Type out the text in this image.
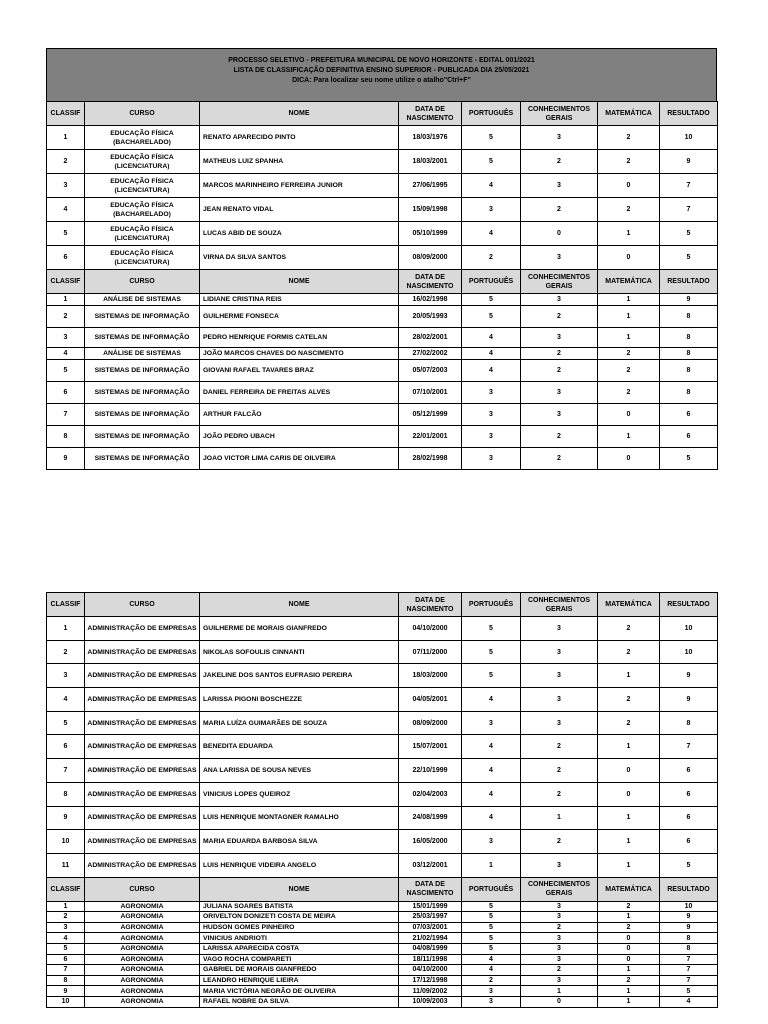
PROCESSO SELETIVO - PREFEITURA MUNICIPAL DE NOVO HORIZONTE - EDITAL 001/2021
LISTA DE CLASSIFICAÇÃO DEFINITIVA ENSINO SUPERIOR - PUBLICADA DIA 25/05/2021
DICA: Para localizar seu nome utilize o atalho"Ctrl+F"
CLASSIF	CURSO	NOME	DATA DE NASCIMENTO	PORTUGUÊS	CONHECIMENTOS GERAIS	MATEMÁTICA	RESULTADO
1	EDUCAÇÃO FÍSICA (BACHARELADO)	RENATO APARECIDO PINTO	18/03/1976	5	3	2	10
2	EDUCAÇÃO FÍSICA (LICENCIATURA)	MATHEUS LUIZ SPANHA	18/03/2001	5	2	2	9
3	EDUCAÇÃO FÍSICA (LICENCIATURA)	MARCOS MARINHEIRO FERREIRA JUNIOR	27/06/1995	4	3	0	7
4	EDUCAÇÃO FÍSICA (BACHARELADO)	JEAN RENATO VIDAL	15/09/1998	3	2	2	7
5	EDUCAÇÃO FÍSICA (LICENCIATURA)	LUCAS ABID DE SOUZA	05/10/1999	4	0	1	5
6	EDUCAÇÃO FÍSICA (LICENCIATURA)	VIRNA DA SILVA SANTOS	08/09/2000	2	3	0	5
CLASSIF	CURSO	NOME	DATA DE NASCIMENTO	PORTUGUÊS	CONHECIMENTOS GERAIS	MATEMÁTICA	RESULTADO
1	ANÁLISE DE SISTEMAS	LIDIANE CRISTINA REIS	16/02/1998	5	3	1	9
2	SISTEMAS DE INFORMAÇÃO	GUILHERME FONSECA	20/05/1993	5	2	1	8
3	SISTEMAS DE INFORMAÇÃO	PEDRO HENRIQUE FORMIS CATELAN	28/02/2001	4	3	1	8
4	ANÁLISE DE SISTEMAS	JOÃO MARCOS CHAVES DO NASCIMENTO	27/02/2002	4	2	2	8
5	SISTEMAS DE INFORMAÇÃO	GIOVANI RAFAEL TAVARES BRAZ	05/07/2003	4	2	2	8
6	SISTEMAS DE INFORMAÇÃO	DANIEL FERREIRA DE FREITAS ALVES	07/10/2001	3	3	2	8
7	SISTEMAS DE INFORMAÇÃO	ARTHUR FALCÃO	05/12/1999	3	3	0	6
8	SISTEMAS DE INFORMAÇÃO	JOÃO PEDRO UBACH	22/01/2001	3	2	1	6
9	SISTEMAS DE INFORMAÇÃO	JOAO VICTOR LIMA CARIS DE OILVEIRA	28/02/1998	3	2	0	5
CLASSIF	CURSO	NOME	DATA DE NASCIMENTO	PORTUGUÊS	CONHECIMENTOS GERAIS	MATEMÁTICA	RESULTADO
1	ADMINISTRAÇÃO DE EMPRESAS	GUILHERME DE MORAIS GIANFREDO	04/10/2000	5	3	2	10
2	ADMINISTRAÇÃO DE EMPRESAS	NIKOLAS SOFOULIS CINNANTI	07/11/2000	5	3	2	10
3	ADMINISTRAÇÃO DE EMPRESAS	JAKELINE DOS SANTOS EUFRASIO PEREIRA	18/03/2000	5	3	1	9
4	ADMINISTRAÇÃO DE EMPRESAS	LARISSA PIGONI BOSCHEZZE	04/05/2001	4	3	2	9
5	ADMINISTRAÇÃO DE EMPRESAS	MARIA LUÍZA GUIMARÃES DE SOUZA	08/09/2000	3	3	2	8
6	ADMINISTRAÇÃO DE EMPRESAS	BENEDITA EDUARDA	15/07/2001	4	2	1	7
7	ADMINISTRAÇÃO DE EMPRESAS	ANA LARISSA DE SOUSA NEVES	22/10/1999	4	2	0	6
8	ADMINISTRAÇÃO DE EMPRESAS	VINICIUS LOPES QUEIROZ	02/04/2003	4	2	0	6
9	ADMINISTRAÇÃO DE EMPRESAS	LUIS HENRIQUE MONTAGNER RAMALHO	24/08/1999	4	1	1	6
10	ADMINISTRAÇÃO DE EMPRESAS	MARIA EDUARDA BARBOSA SILVA	16/05/2000	3	2	1	6
11	ADMINISTRAÇÃO DE EMPRESAS	LUIS HENRIQUE VIDEIRA ANGELO	03/12/2001	1	3	1	5
CLASSIF	CURSO	NOME	DATA DE NASCIMENTO	PORTUGUÊS	CONHECIMENTOS GERAIS	MATEMÁTICA	RESULTADO
1	AGRONOMIA	JULIANA SOARES BATISTA	15/01/1999	5	3	2	10
2	AGRONOMIA	ORIVELTON DONIZETI COSTA DE MEIRA	25/03/1997	5	3	1	9
3	AGRONOMIA	HUDSON GOMES PINHEIRO	07/03/2001	5	2	2	9
4	AGRONOMIA	VINICIUS ANDRIOTI	21/02/1994	5	3	0	8
5	AGRONOMIA	LARISSA APARECIDA COSTA	04/08/1999	5	3	0	8
6	AGRONOMIA	VAGO ROCHA COMPARETI	18/11/1998	4	3	0	7
7	AGRONOMIA	GABRIEL DE MORAIS GIANFREDO	04/10/2000	4	2	1	7
8	AGRONOMIA	LEANDRO HENRIQUE LIEIRA	17/12/1998	2	3	2	7
9	AGRONOMIA	MARIA VICTÓRIA NEGRÃO DE OLIVEIRA	11/09/2002	3	1	1	5
10	AGRONOMIA	RAFAEL NOBRE DA SILVA	10/09/2003	3	0	1	4
